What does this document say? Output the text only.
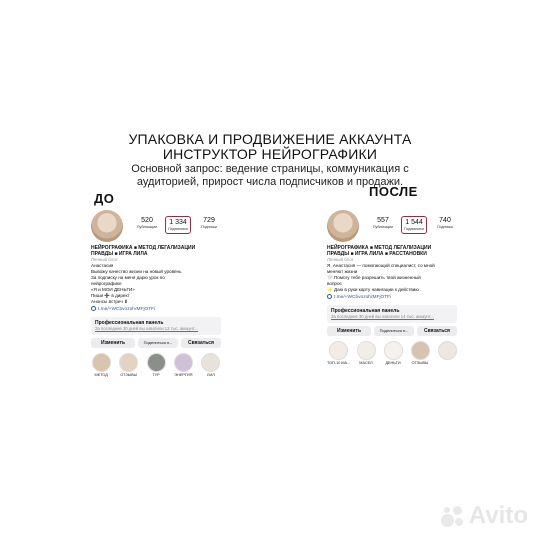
УПАКОВКА И ПРОДВИЖЕНИЕ АККАУНТА
ИНСТРУКТОР НЕЙРОГРАФИКИ
Основной запрос: ведение страницы, коммуникация с
аудиторией, прирост числа подписчиков и продажи.
ДО	ПОСЛЕ
520
Публикации
1 334
Подписчики
729
Подписки
НЕЙРОГРАФИКА ■ МЕТОД ЛЕГАЛИЗАЦИИ
ПРАВДЫ ■ ИГРА ЛИЛА
Личный блог
Анастасия
Вывожу качество жизни на новый уровень
За подписку на меня дарю урок по
нейрографике
«Я и МОИ ДЕНЬГИ»
Пиши ➕ в директ
Анонсы встреч ⬇
t.me/+WCbvozolVMFjOTFi
Профессиональная панель
За последние 30 дней вы охватили 13 тыс. аккаунт...
Изменить	Поделиться п...	Связаться
МЕТОД	ОТЗЫВЫ	ТУР	ЭНЕРГИЯ	ЛИЛ
557
Публикации
1 544
Подписчики
740
Подписки
НЕЙРОГРАФИКА ■ МЕТОД ЛЕГАЛИЗАЦИИ
ПРАВДЫ ■ ИГРА ЛИЛА ■ РАССТАНОВКИ
Личный блог
Я, Анастасия — помогающий специалист, со мной
меняют жизни
🤍 Помогу тебе разрешить твой жизненный
вопрос
✨ Даю в руки карту навигации к действию
t.me/+WCbvozolVMFjOTFi
Профессиональная панель
За последние 30 дней вы охватили 14 тыс. аккаунт...
Изменить	Поделиться п...	Связаться
ТОП-10 МА...	МАСЕЛ	ДЕНЬГИ	ОТЗЫВЫ
Avito
